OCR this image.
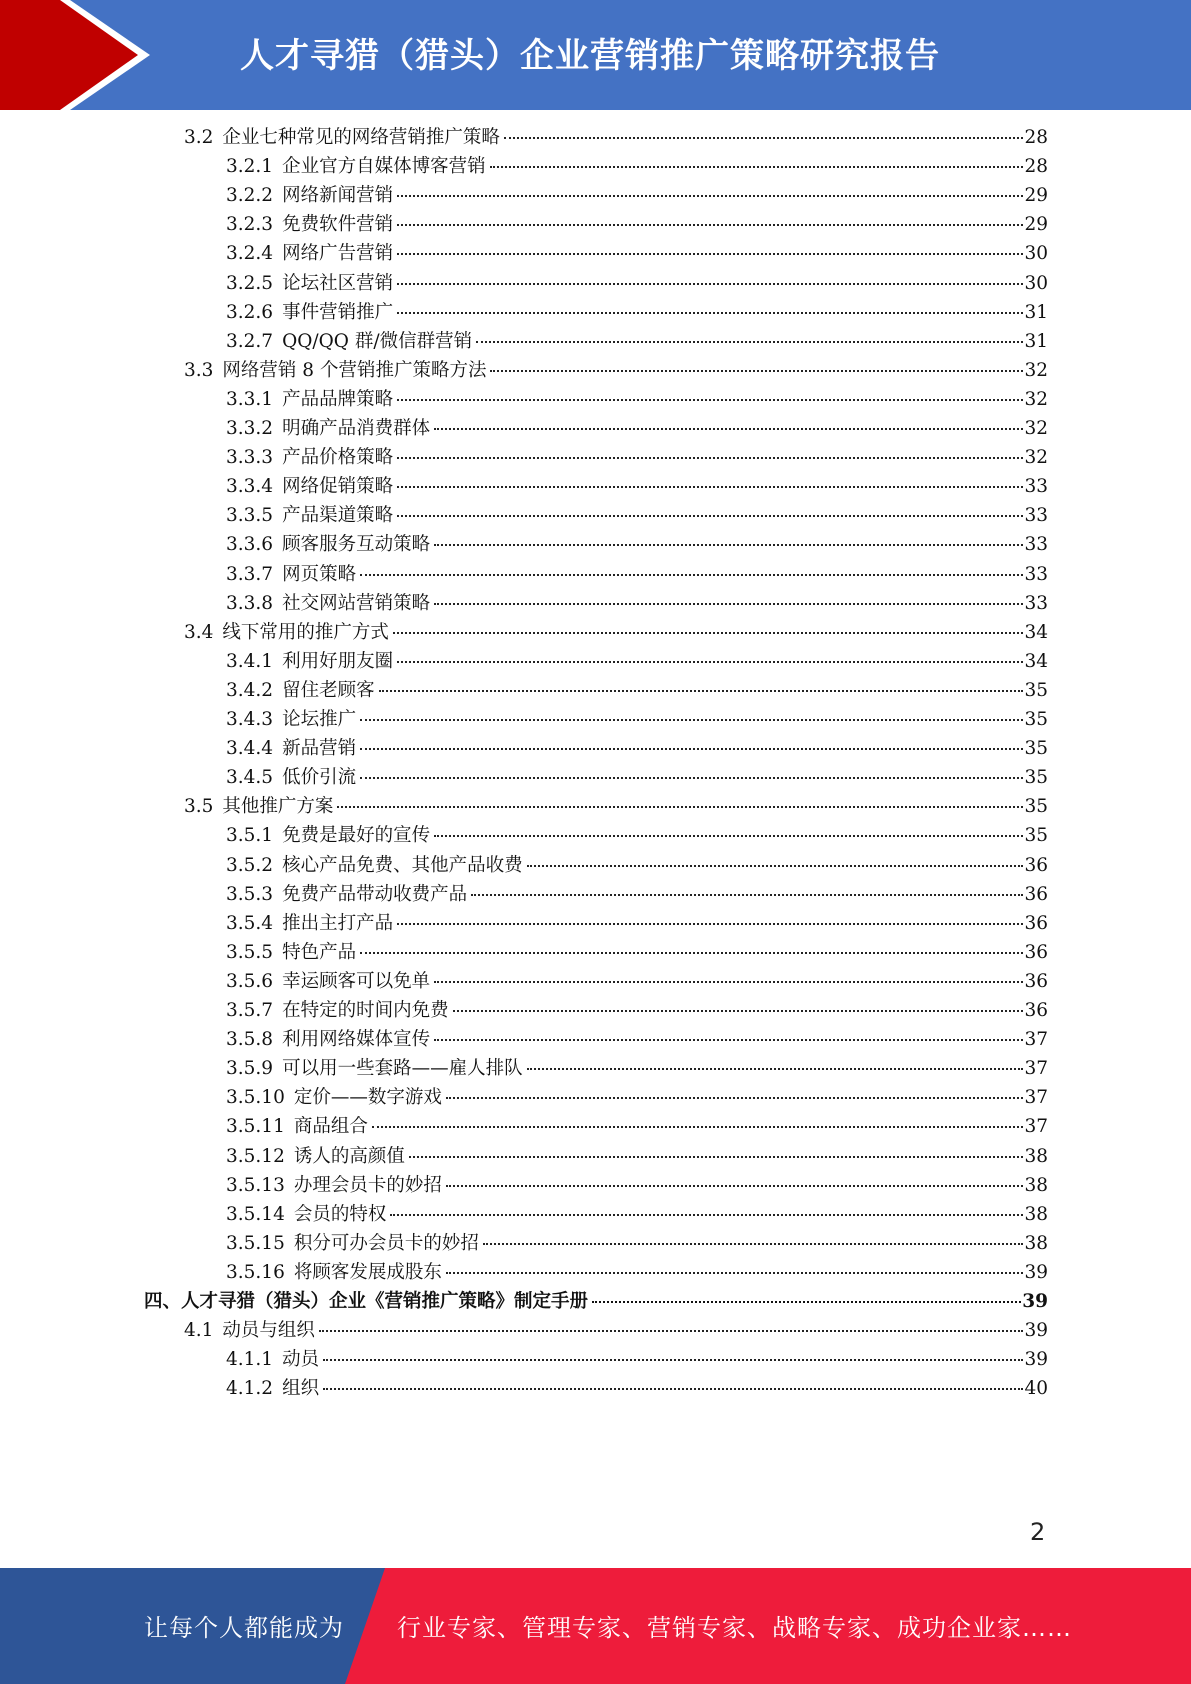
人才寻猎（猎头）企业营销推广策略研究报告
3.2 企业七种常见的网络营销推广策略	28
3.2.1 企业官方自媒体博客营销	28
3.2.2 网络新闻营销	29
3.2.3 免费软件营销	29
3.2.4 网络广告营销	30
3.2.5 论坛社区营销	30
3.2.6 事件营销推广	31
3.2.7 QQ/QQ 群/微信群营销	31
3.3 网络营销 8 个营销推广策略方法	32
3.3.1 产品品牌策略	32
3.3.2 明确产品消费群体	32
3.3.3 产品价格策略	32
3.3.4 网络促销策略	33
3.3.5 产品渠道策略	33
3.3.6 顾客服务互动策略	33
3.3.7 网页策略	33
3.3.8 社交网站营销策略	33
3.4 线下常用的推广方式	34
3.4.1 利用好朋友圈	34
3.4.2 留住老顾客	35
3.4.3 论坛推广	35
3.4.4 新品营销	35
3.4.5 低价引流	35
3.5 其他推广方案	35
3.5.1 免费是最好的宣传	35
3.5.2 核心产品免费、其他产品收费	36
3.5.3 免费产品带动收费产品	36
3.5.4 推出主打产品	36
3.5.5 特色产品	36
3.5.6 幸运顾客可以免单	36
3.5.7 在特定的时间内免费	36
3.5.8 利用网络媒体宣传	37
3.5.9 可以用一些套路——雇人排队	37
3.5.10 定价——数字游戏	37
3.5.11 商品组合	37
3.5.12 诱人的高颜值	38
3.5.13 办理会员卡的妙招	38
3.5.14 会员的特权	38
3.5.15 积分可办会员卡的妙招	38
3.5.16 将顾客发展成股东	39
四、人才寻猎（猎头）企业《营销推广策略》制定手册	39
4.1 动员与组织	39
4.1.1 动员	39
4.1.2 组织	40
2
让每个人都能成为 行业专家、管理专家、营销专家、战略专家、成功企业家……
